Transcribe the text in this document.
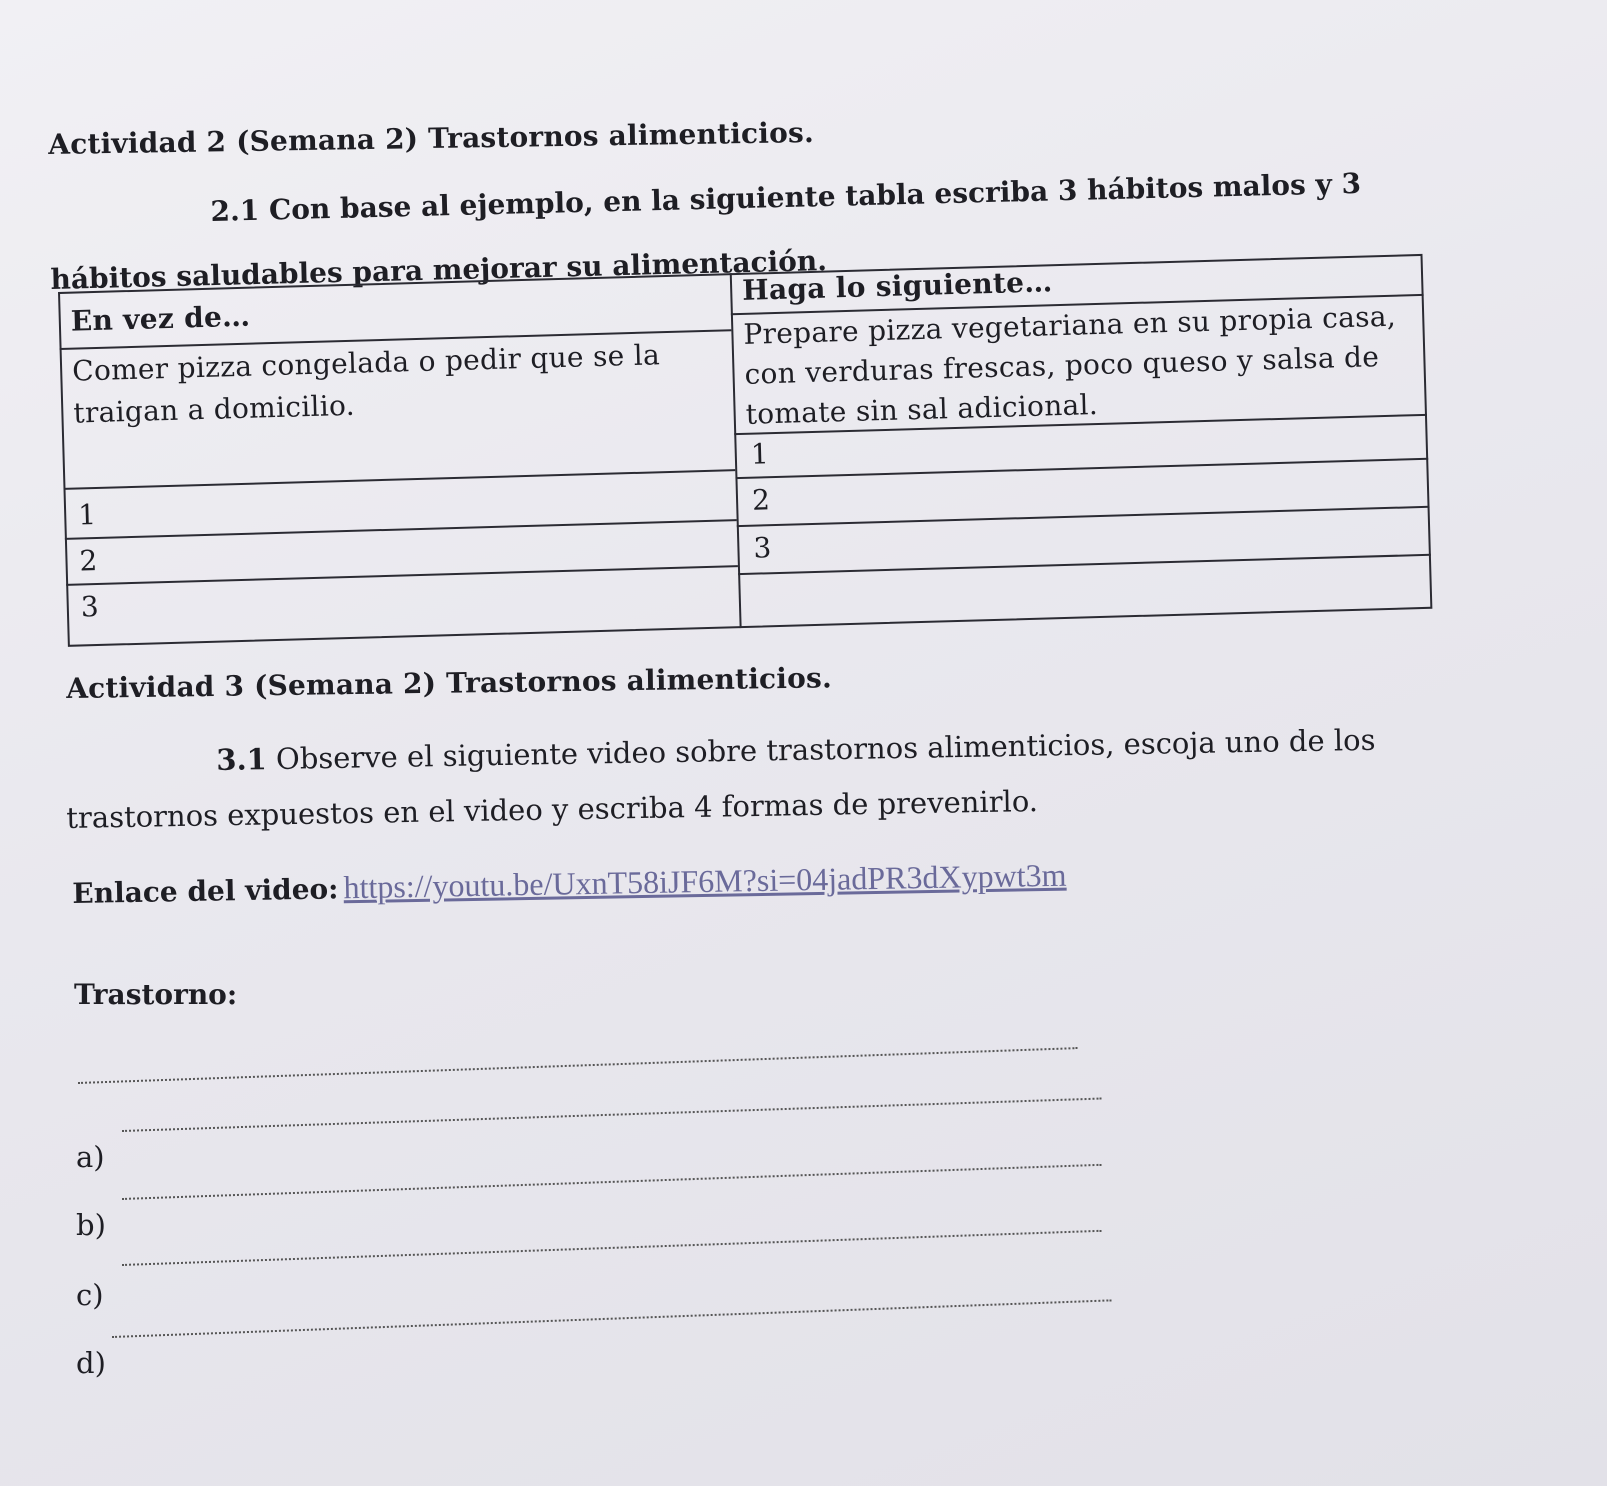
Actividad 2 (Semana 2) Trastornos alimenticios.
2.1 Con base al ejemplo, en la siguiente tabla escriba 3 hábitos malos y 3
hábitos saludables para mejorar su alimentación.
En vez de…
Haga lo siguiente…
Comer pizza congelada o pedir que se la
traigan a domicilio.
Prepare pizza vegetariana en su propia casa,
con verduras frescas, poco queso y salsa de
tomate sin sal adicional.
1
2
3
1
2
3
Actividad 3 (Semana 2) Trastornos alimenticios.
3.1 Observe el siguiente video sobre trastornos alimenticios, escoja uno de los
trastornos expuestos en el video y escriba 4 formas de prevenirlo.
Enlace del video: https://youtu.be/UxnT58iJF6M?si=04jadPR3dXypwt3m
Trastorno:
a)
b)
c)
d)
